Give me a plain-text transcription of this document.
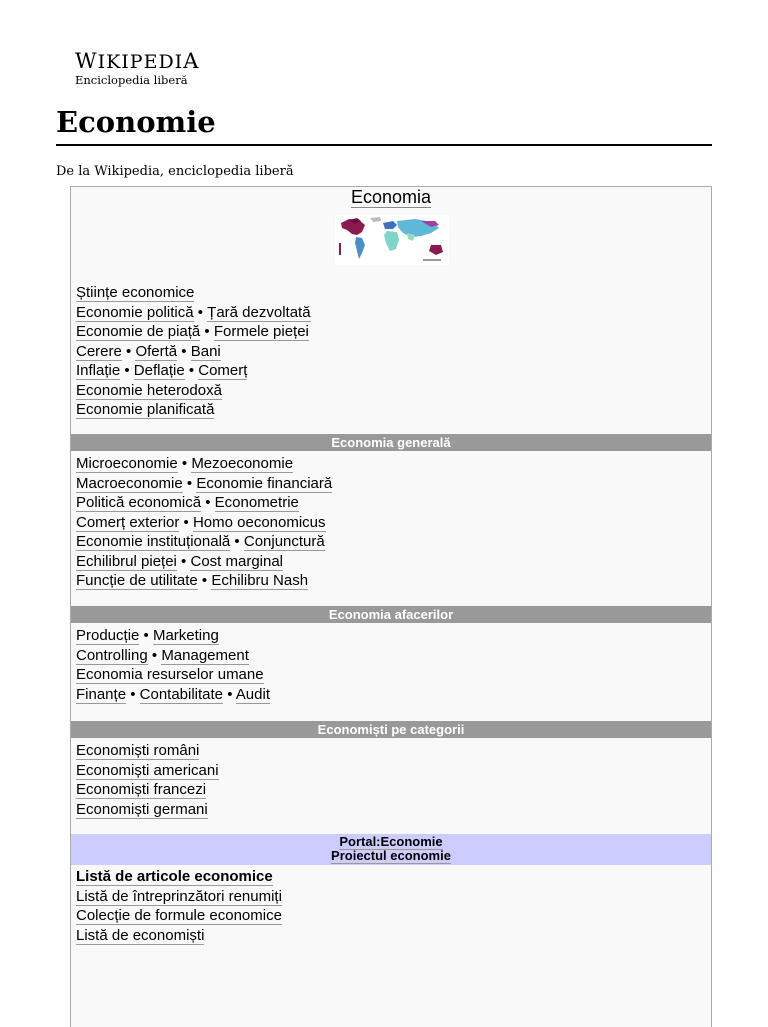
WIKIPEDIA
Enciclopedia liberă
Economie
De la Wikipedia, enciclopedia liberă
Economia
Științe economice
Economie politică • Țară dezvoltată
Economie de piață • Formele pieței
Cerere • Ofertă • Bani
Inflație • Deflație • Comerț
Economie heterodoxă
Economie planificată
Economia generală
Microeconomie • Mezoeconomie
Macroeconomie • Economie financiară
Politică economică • Econometrie
Comerț exterior • Homo oeconomicus
Economie instituțională • Conjunctură
Echilibrul pieței • Cost marginal
Funcție de utilitate • Echilibru Nash
Economia afacerilor
Producție • Marketing
Controlling • Management
Economia resurselor umane
Finanțe • Contabilitate • Audit
Economiști pe categorii
Economiști români
Economiști americani
Economiști francezi
Economiști germani
Portal:Economie
Proiectul economie
Listă de articole economice
Listă de întreprinzători renumiți
Colecție de formule economice
Listă de economiști
